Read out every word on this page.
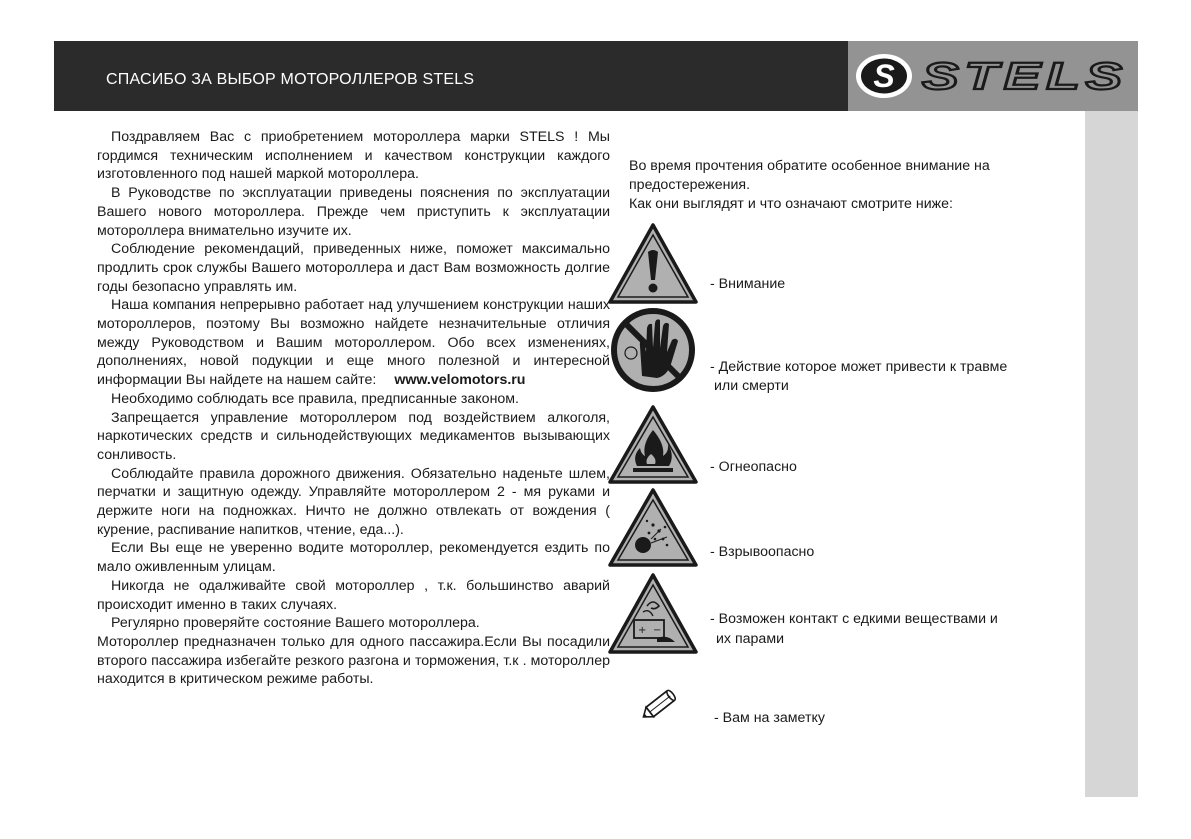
СПАСИБО ЗА ВЫБОР МОТОРОЛЛЕРОВ STELS	S STELS

Поздравляем Вас с приобретением мотороллера марки STELS ! Мы гордимся техническим исполнением и качеством конструкции каждого изготовленного под нашей маркой мотороллера.

В Руководстве по эксплуатации приведены пояснения по эксплуатации Вашего нового мотороллера. Прежде чем приступить к эксплуатации мотороллера внимательно изучите их.

Соблюдение рекомендаций, приведенных ниже, поможет максимально продлить срок службы Вашего мотороллера и даст Вам возможность долгие годы безопасно управлять им.

Наша компания непрерывно работает над улучшением конструкции наших мотороллеров, поэтому Вы возможно найдете незначительные отличия между Руководством и Вашим мотороллером. Обо всех изменениях, дополнениях, новой подукции и еще много полезной и интересной информации Вы найдете на нашем сайте: www.velomotors.ru

Необходимо соблюдать все правила, предписанные законом.

Запрещается управление мотороллером под воздействием алкоголя, наркотических средств и сильнодействующих медикаментов вызывающих сонливость.

Соблюдайте правила дорожного движения. Обязательно наденьте шлем, перчатки и защитную одежду. Управляйте мотороллером 2 - мя руками и держите ноги на подножках. Ничто не должно отвлекать от вождения ( курение, распивание напитков, чтение, еда...).

Если Вы еще не уверенно водите мотороллер, рекомендуется ездить по мало оживленным улицам.

Никогда не одалживайте свой мотороллер , т.к. большинство аварий происходит именно в таких случаях.

Регулярно проверяйте состояние Вашего мотороллера.

Мотороллер предназначен только для одного пассажира.Если Вы посадили второго пассажира избегайте резкого разгона и торможения, т.к . мотороллер находится в критическом режиме работы.

Во время прочтения обратите особенное внимание на предостережения.

Как они выглядят и что означают смотрите ниже:

- Внимание
- Действие которое может привести к травме
или смерти
- Огнеопасно
- Взрывоопасно
+ −
- Возможен контакт с едкими веществами и
их парами
- Вам на заметку
